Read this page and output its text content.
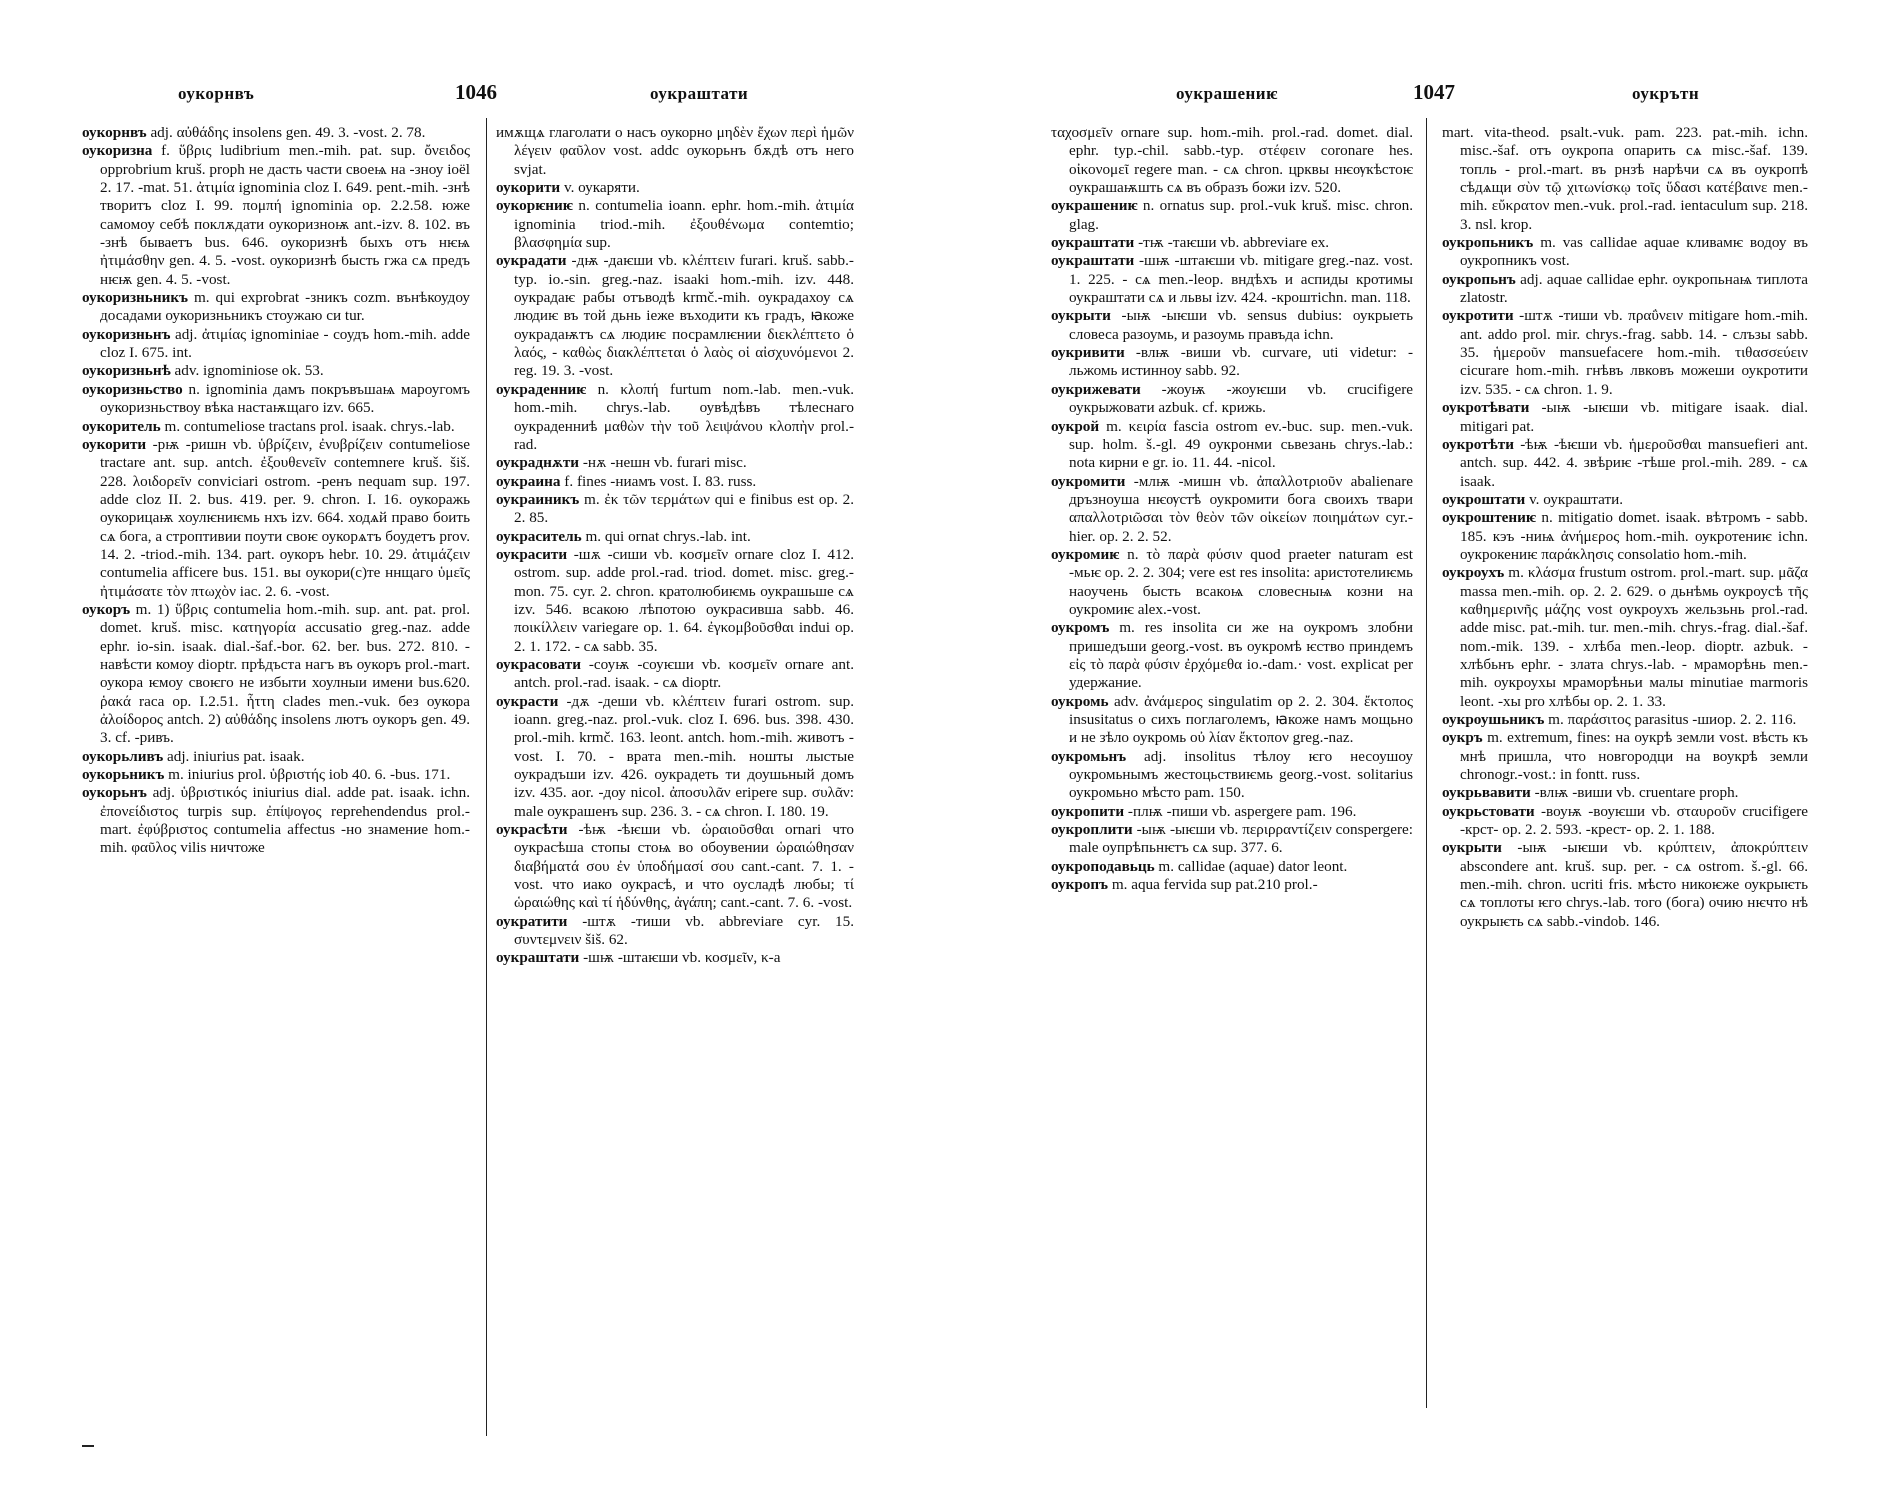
оукорнвъ	1046	оукраштати

оукорнвъ adj. αὐθάδης insolens gen. 49. 3. -vost. 2. 78.

оукоризна f. ὕβρις ludibrium men.-mih. pat. sup. ὄνειδος opprobrium kruš. proph не дасть части своеѩ на -зноу ioël 2. 17. -mat. 51. ἀτιμία ignominia cloz I. 649. pent.-mih. -знѣ творитъ cloz I. 99. πομπή ignominia op. 2.2.58. юже самомоу себѣ поклѫдати оукоризноѭ ant.-izv. 8. 102. въ -знѣ бываетъ bus. 646. оукоризнѣ быхъ отъ нѥѩ ἠτιμάσθην gen. 4. 5. -vost. оукоризнѣ бысть гжа сѧ предъ нѥѭ gen. 4. 5. -vost.

оукоризньникъ m. qui exprobrat -зникъ cozm. вънѣкоудоу досадами оукоризньникъ стоужаю си tur.

оукоризньнъ adj. ἀτιμίας ignominiae - соудъ hom.-mih. adde cloz I. 675. int.

оукоризньнѣ adv. ignominiose ok. 53.

оукоризньство n. ignominia дамъ покръвъшаѩ мароугомъ оукоризньствоу вѣка настаѭщаго izv. 665.

оукоритель m. contumeliose tractans prol. isaak. chrys.-lab.

оукорити -рѭ -ришн vb. ὑβρίζειν, ἐνυβρίζειν contumeliose tractare ant. sup. antch. ἐξουθενεῖν contemnere kruš. šiš. 228. λοιδορεῖν conviciari ostrom. -ренъ nequam sup. 197. adde cloz II. 2. bus. 419. per. 9. chron. I. 16. оукоражь оукорицаѭ хоулѥниѥмь нхъ izv. 664. ходѧй право боить сѧ бога, а строптивии поути своѥ оукорѧтъ боудетъ prov. 14. 2. -triod.-mih. 134. part. оукоръ hebr. 10. 29. ἀτιμάζειν contumelia afficere bus. 151. вы оукори(с)те ннщаго ὑμεῖς ἠτιμάσατε τὸν πτωχὸν iac. 2. 6. -vost.

оукоръ m. 1) ὕβρις contumelia hom.-mih. sup. ant. pat. prol. domet. kruš. misc. κατηγορία accusatio greg.-naz. adde ephr. io-sin. isaak. dial.-šaf.-bor. 62. ber. bus. 272. 810. - навѣсти комоу dioptr. прѣдъста нагъ въ оукоръ prol.-mart. оукора ѥмоу своѥго не избыти хоулныи имени bus.620. ῥακά raca op. I.2.51. ἧττη clades men.-vuk. без оукора ἀλοίδορος antch. 2) αὐθάδης insolens лютъ оукоръ gen. 49. 3. cf. -ривъ.

оукорьливъ adj. iniurius pat. isaak.

оукорьникъ m. iniurius prol. ὑβριστής iob 40. 6. -bus. 171.

оукорьнъ adj. ὑβριστικός iniurius dial. adde pat. isaak. ichn. ἐπονείδιστος turpis sup. ἐπίψογος reprehendendus prol.-mart. ἐφύβριστος contumelia affectus -но знамение hom.-mih. φαῦλος vilis ничтоже

имѫщѧ глаголати о насъ оукорно μηδὲν ἔχων περὶ ἡμῶν λέγειν φαῦλον vost. addc оукорьнъ бѫдѣ отъ него svjat.

оукорити v. оукаряти.

оукорѥниѥ n. contumelia ioann. ephr. hom.-mih. ἀτιμία ignominia triod.-mih. ἐξουθένωμα contemtio; βλασφημία sup.

оукрадати -дѭ -даѥши vb. κλέπτειν furari. kruš. sabb.-typ. io.-sin. greg.-naz. isaaki hom.-mih. izv. 448. оукрадаѥ рабы отъводѣ krmč.-mih. оукрадахоу сѧ людиѥ въ той дьнь іеже въходити къ градъ, ꙗкоже оукрадаѭтъ сѧ людиѥ посрамлѥнии διεκλέπτετο ὁ λαός, - καθὼς διακλέπτεται ὁ λαὸς οἱ αἰσχυνόμενοι 2. reg. 19. 3. -vost.

оукраденниѥ n. κλοπή furtum nom.-lab. men.-vuk. hom.-mih. chrys.-lab. оувѣдѣвъ тѣлеснаго оукраденниѣ μαθὼν τὴν τοῦ λειψάνου κλοπὴν prol.-rad.

оукраднѫти -нѫ -нешн vb. furari misc.

оукраина f. fines -ниамъ vost. I. 83. russ.

оукраиникъ m. ἐκ τῶν τερμάτων qui e finibus est op. 2. 2. 85.

оукраситель m. qui ornat chrys.-lab. int.

оукрасити -шѫ -сиши vb. κοσμεῖν ornare cloz I. 412. ostrom. sup. adde prol.-rad. triod. domet. misc. greg.-mon. 75. cyr. 2. chron. кратолюбиѥмь оукрашьше сѧ izv. 546. всакою лѣпотою оукрасивша sabb. 46. ποικίλλειν variegare op. 1. 64. ἐγκομβοῦσθαι indui op. 2. 1. 172. - сѧ sabb. 35.

оукрасовати -соуѭ -соуѥши vb. κοσμεῖν ornare ant. antch. prol.-rad. isaak. - сѧ dioptr.

оукрасти -дѫ -деши vb. κλέπτειν furari ostrom. sup. ioann. greg.-naz. prol.-vuk. cloz I. 696. bus. 398. 430. prol.-mih. krmč. 163. leont. antch. hom.-mih. животъ - vost. I. 70. - врата men.-mih. ношты лыстые оукрадъши izv. 426. оукрадеть ти доушьный домъ izv. 435. aor. -доу nicol. ἀποσυλᾶν eripere sup. συλᾶν: male оукрашенъ sup. 236. 3. - сѧ chron. I. 180. 19.

оукрасѣти -ѣѭ -ѣѥши vb. ὡραιοῦσθαι ornari что оукрасѣша стопы стоѩ во обоувении ὡραιώθησαν διαβήματά σου ἐν ὑποδήμασί σου cant.-cant. 7. 1. -vost. что иако оукрасѣ, и что оусладѣ любы; τί ὡραιώθης καὶ τί ἡδύνθης, ἀγάπη; cant.-cant. 7. 6. -vost.

оукратити -штѫ -тиши vb. abbreviare cyr. 15. συντεμνειν šiš. 62.

оукраштати -шѭ -штаѥши vb. κοσμεῖν, κ-а

оукрашениѥ	1047	оукрътн

ταχοσμεῖν ornare sup. hom.-mih. prol.-rad. domet. dial. ephr. typ.-chil. sabb.-typ. στέφειν coronare hes. οἰκονομεῖ regere man. - сѧ chron. црквы нѥѹкѣстоѥ оукрашаѭшть сѧ въ образъ божи izv. 520.

оукрашениѥ n. ornatus sup. prol.-vuk kruš. misc. chron. glag.

оукраштати -тѭ -таѥши vb. abbreviare ex.

оукраштати -шѭ -штаѥши vb. mitigare greg.-naz. vost. 1. 225. - сѧ men.-leop. вндѣхъ и аспиды кротимы оукраштати сѧ и львы izv. 424. -кроштichn. man. 118.

оукрыти -ыѭ -ыѥши vb. sensus dubius: оукрыеть словеса разоумь, и разоумь правъда ichn.

оукривити -влѭ -виши vb. curvare, uti videtur: - льжомь истинноу sabb. 92.

оукрижевати -жоуѭ -жоуѥши vb. crucifigere оукрыжовати azbuk. cf. крижь.

оукрой m. κειρία fascia ostrom ev.-buc. sup. men.-vuk. sup. holm. š.-gl. 49 оукронми сьвезань chrys.-lab.: nota кирни e gr. io. 11. 44. -nicol.

оукромити -млѭ -мишн vb. ἀπαλλοτριοῦν abalienare дръзноуша нѥѹстѣ оукромити бога своихъ твари απαλλοτριῶσαι τὸν θεὸν τῶν οἰκείων ποιημάτων cyr.-hier. op. 2. 2. 52.

оукромиѥ n. τὸ παρὰ φύσιν quod praeter naturam est -мьѥ op. 2. 2. 304; vere est res insolita: аристотелиѥмь наоучень бысть всакоѩ словесныѩ козни на оукромиѥ alex.-vost.

оукромъ m. res insolita си же на оукромъ злобни пришедъши georg.-vost. въ оукромѣ ѥство приндемъ εἰς τὸ παρὰ φύσιν ἐρχόμεθα io.-dam.· vost. explicat per удержание.

оукромь adv. ἀνάμερος singulatim op 2. 2. 304. ἔκτοπος insusitatus о сихъ поглаголемъ, ꙗкоже намъ мощьно и не зѣло оукромь οὐ λίαν ἔκτοπον greg.-naz.

оукромьнъ adj. insolitus тѣлоу ѥго несоушоу оукромьнымъ жестоцьствиѥмь georg.-vost. solitarius оукромьно мѣсто pam. 150.

оукропити -плѭ -пиши vb. aspergere pam. 196.

оукроплити -ыѭ -ыѥши vb. περιρραντίζειν conspergere: male оупрѣпьнѥтъ сѧ sup. 377. 6.

оукроподавьць m. callidae (aquae) dator leont.

оукропъ m. aqua fervida sup pat.210 prol.-

mart. vita-theod. psalt.-vuk. pam. 223. pat.-mih. ichn. misc.-šaf. отъ оукропа опарить сѧ misc.-šaf. 139. топль - prol.-mart. въ рнзѣ нарѣчи сѧ въ оукропѣ сѣдѧщи σὺν τῷ χιτωνίσκῳ τοῖς ὕδασι κατέβαινε men.-mih. εὔκρατον men.-vuk. prol.-rad. ientaculum sup. 218. 3. nsl. krop.

оукропьникъ m. vas callidae aquae кливамѥ водоу въ оукропникъ vost.

оукропьнъ adj. aquae callidae ephr. оукропьнаѩ типлота zlatostr.

оукротити -штѫ -тиши vb. πραΰνειν mitigare hom.-mih. ant. addo prol. mir. chrys.-frag. sabb. 14. - слъзы sabb. 35. ἡμεροῦν mansuefacere hom.-mih. τιθασσεύειν cicurare hom.-mih. гнѣвъ лвковъ можеши оукротити izv. 535. - сѧ chron. 1. 9.

оукротѣвати -ыѭ -ыѥши vb. mitigare isaak. dial. mitigari pat.

оукротѣти -ѣѭ -ѣѥши vb. ἡμεροῦσθαι mansuefieri ant. antch. sup. 442. 4. звѣриѥ -тѣше prol.-mih. 289. - сѧ isaak.

оукроштати v. оукраштати.

оукроштениѥ n. mitigatio domet. isaak. вѣтромъ - sabb. 185. кэъ -ниѩ ἀνήμερος hom.-mih. оукротениѥ ichn. оукрокениѥ παράκλησις consolatio hom.-mih.

оукроухъ m. κλάσμα frustum ostrom. prol.-mart. sup. μᾶζα massa men.-mih. op. 2. 2. 629. о дьнѣмь оукроусѣ τῆς καθημερινῆς μάζης vost оукроухъ жельзьнь prol.-rad. adde misc. pat.-mih. tur. men.-mih. chrys.-frag. dial.-šaf. nom.-mik. 139. - хлѣба men.-leop. dioptr. azbuk. - хлѣбьнъ ephr. - злата chrys.-lab. - мраморѣнь men.-mih. оукроухы мраморѣньи малы minutiae marmoris leont. -хы pro хлѣбы op. 2. 1. 33.

оукроушьникъ m. παράσιτος parasitus -шиор. 2. 2. 116.

оукръ m. extremum, fines: на оукрѣ земли vost. вѣсть къ мнѣ пришла, что новгородци на воукрѣ земли chronogr.-vost.: in fontt. russ.

оукрьвавити -влѭ -виши vb. cruentare proph.

оукрьстовати -воуѭ -воуѥши vb. σταυροῦν crucifigere -крст- op. 2. 2. 593. -крест- op. 2. 1. 188.

оукрыти -ыѭ -ыѥши vb. κρύπτειν, ἀποκρύπτειν abscondere ant. kruš. sup. per. - сѧ ostrom. š.-gl. 66. men.-mih. chron. ucriti fris. мѣсто никоѥже оукрыѥть сѧ топлоты ѥго chrys.-lab. того (бога) очию нѥчто нѣ оукрыѥть сѧ sabb.-vindob. 146.
